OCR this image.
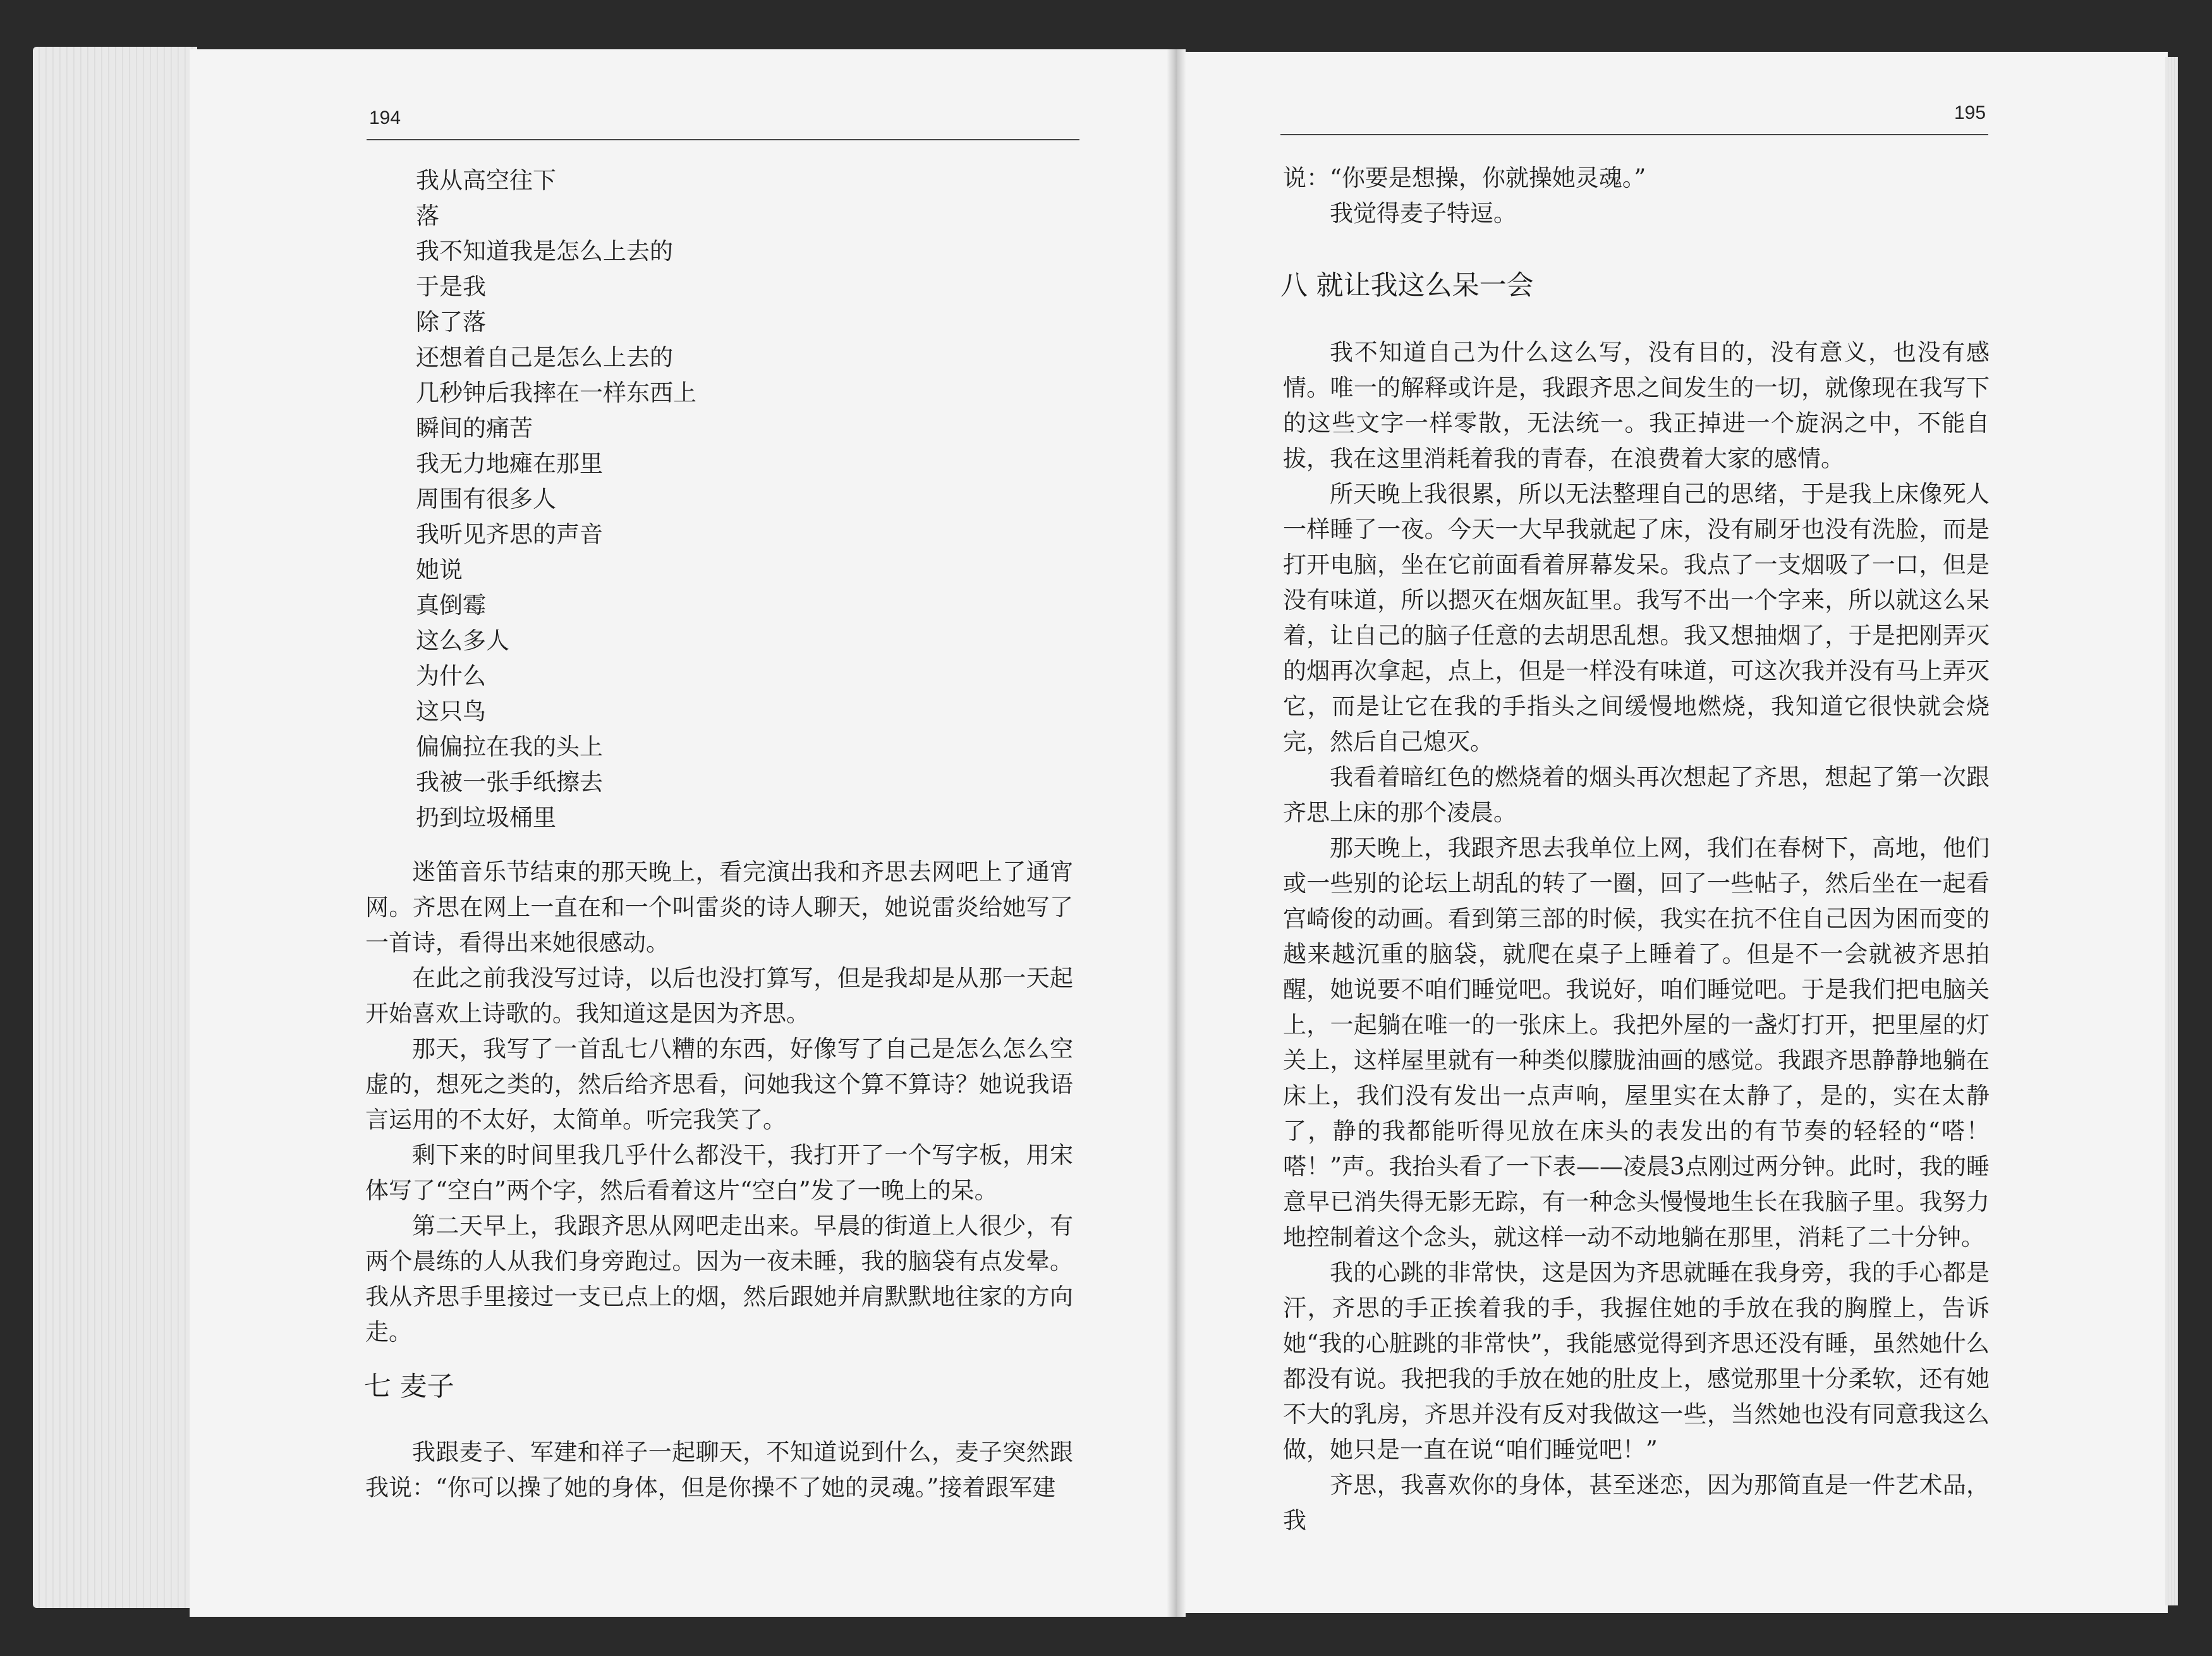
194
我从高空往下
落
我不知道我是怎么上去的
于是我
除了落
还想着自己是怎么上去的
几秒钟后我摔在一样东西上
瞬间的痛苦
我无力地瘫在那里
周围有很多人
我听见齐思的声音
她说
真倒霉
这么多人
为什么
这只鸟
偏偏拉在我的头上
我被一张手纸擦去
扔到垃圾桶里

迷笛音乐节结束的那天晚上，看完演出我和齐思去网吧上了通宵网。齐思在网上一直在和一个叫雷炎的诗人聊天，她说雷炎给她写了一首诗，看得出来她很感动。

在此之前我没写过诗，以后也没打算写，但是我却是从那一天起开始喜欢上诗歌的。我知道这是因为齐思。

那天，我写了一首乱七八糟的东西，好像写了自己是怎么怎么空虚的，想死之类的，然后给齐思看，问她我这个算不算诗？她说我语言运用的不太好，太简单。听完我笑了。

剩下来的时间里我几乎什么都没干，我打开了一个写字板，用宋体写了“空白”两个字，然后看着这片“空白”发了一晚上的呆。

第二天早上，我跟齐思从网吧走出来。早晨的街道上人很少，有两个晨练的人从我们身旁跑过。因为一夜未睡，我的脑袋有点发晕。我从齐思手里接过一支已点上的烟，然后跟她并肩默默地往家的方向走。

七 麦子

我跟麦子、军建和祥子一起聊天，不知道说到什么，麦子突然跟我说：“你可以操了她的身体，但是你操不了她的灵魂。”接着跟军建

195

说：“你要是想操，你就操她灵魂。”

我觉得麦子特逗。

八 就让我这么呆一会

我不知道自己为什么这么写，没有目的，没有意义，也没有感情。唯一的解释或许是，我跟齐思之间发生的一切，就像现在我写下的这些文字一样零散，无法统一。我正掉进一个旋涡之中，不能自拔，我在这里消耗着我的青春，在浪费着大家的感情。

所天晚上我很累，所以无法整理自己的思绪，于是我上床像死人一样睡了一夜。今天一大早我就起了床，没有刷牙也没有洗脸，而是打开电脑，坐在它前面看着屏幕发呆。我点了一支烟吸了一口，但是没有味道，所以摁灭在烟灰缸里。我写不出一个字来，所以就这么呆着，让自己的脑子任意的去胡思乱想。我又想抽烟了，于是把刚弄灭的烟再次拿起，点上，但是一样没有味道，可这次我并没有马上弄灭它，而是让它在我的手指头之间缓慢地燃烧，我知道它很快就会烧完，然后自己熄灭。

我看着暗红色的燃烧着的烟头再次想起了齐思，想起了第一次跟齐思上床的那个凌晨。

那天晚上，我跟齐思去我单位上网，我们在春树下，高地，他们或一些别的论坛上胡乱的转了一圈，回了一些帖子，然后坐在一起看宫崎俊的动画。看到第三部的时候，我实在抗不住自己因为困而变的越来越沉重的脑袋，就爬在桌子上睡着了。但是不一会就被齐思拍醒，她说要不咱们睡觉吧。我说好，咱们睡觉吧。于是我们把电脑关上，一起躺在唯一的一张床上。我把外屋的一盏灯打开，把里屋的灯关上，这样屋里就有一种类似朦胧油画的感觉。我跟齐思静静地躺在床上，我们没有发出一点声响，屋里实在太静了，是的，实在太静了，静的我都能听得见放在床头的表发出的有节奏的轻轻的“嗒！嗒！”声。我抬头看了一下表——凌晨3点刚过两分钟。此时，我的睡意早已消失得无影无踪，有一种念头慢慢地生长在我脑子里。我努力地控制着这个念头，就这样一动不动地躺在那里，消耗了二十分钟。

我的心跳的非常快，这是因为齐思就睡在我身旁，我的手心都是汗，齐思的手正挨着我的手，我握住她的手放在我的胸膛上，告诉她“我的心脏跳的非常快”，我能感觉得到齐思还没有睡，虽然她什么都没有说。我把我的手放在她的肚皮上，感觉那里十分柔软，还有她不大的乳房，齐思并没有反对我做这一些，当然她也没有同意我这么做，她只是一直在说“咱们睡觉吧！”

齐思，我喜欢你的身体，甚至迷恋，因为那简直是一件艺术品，我
